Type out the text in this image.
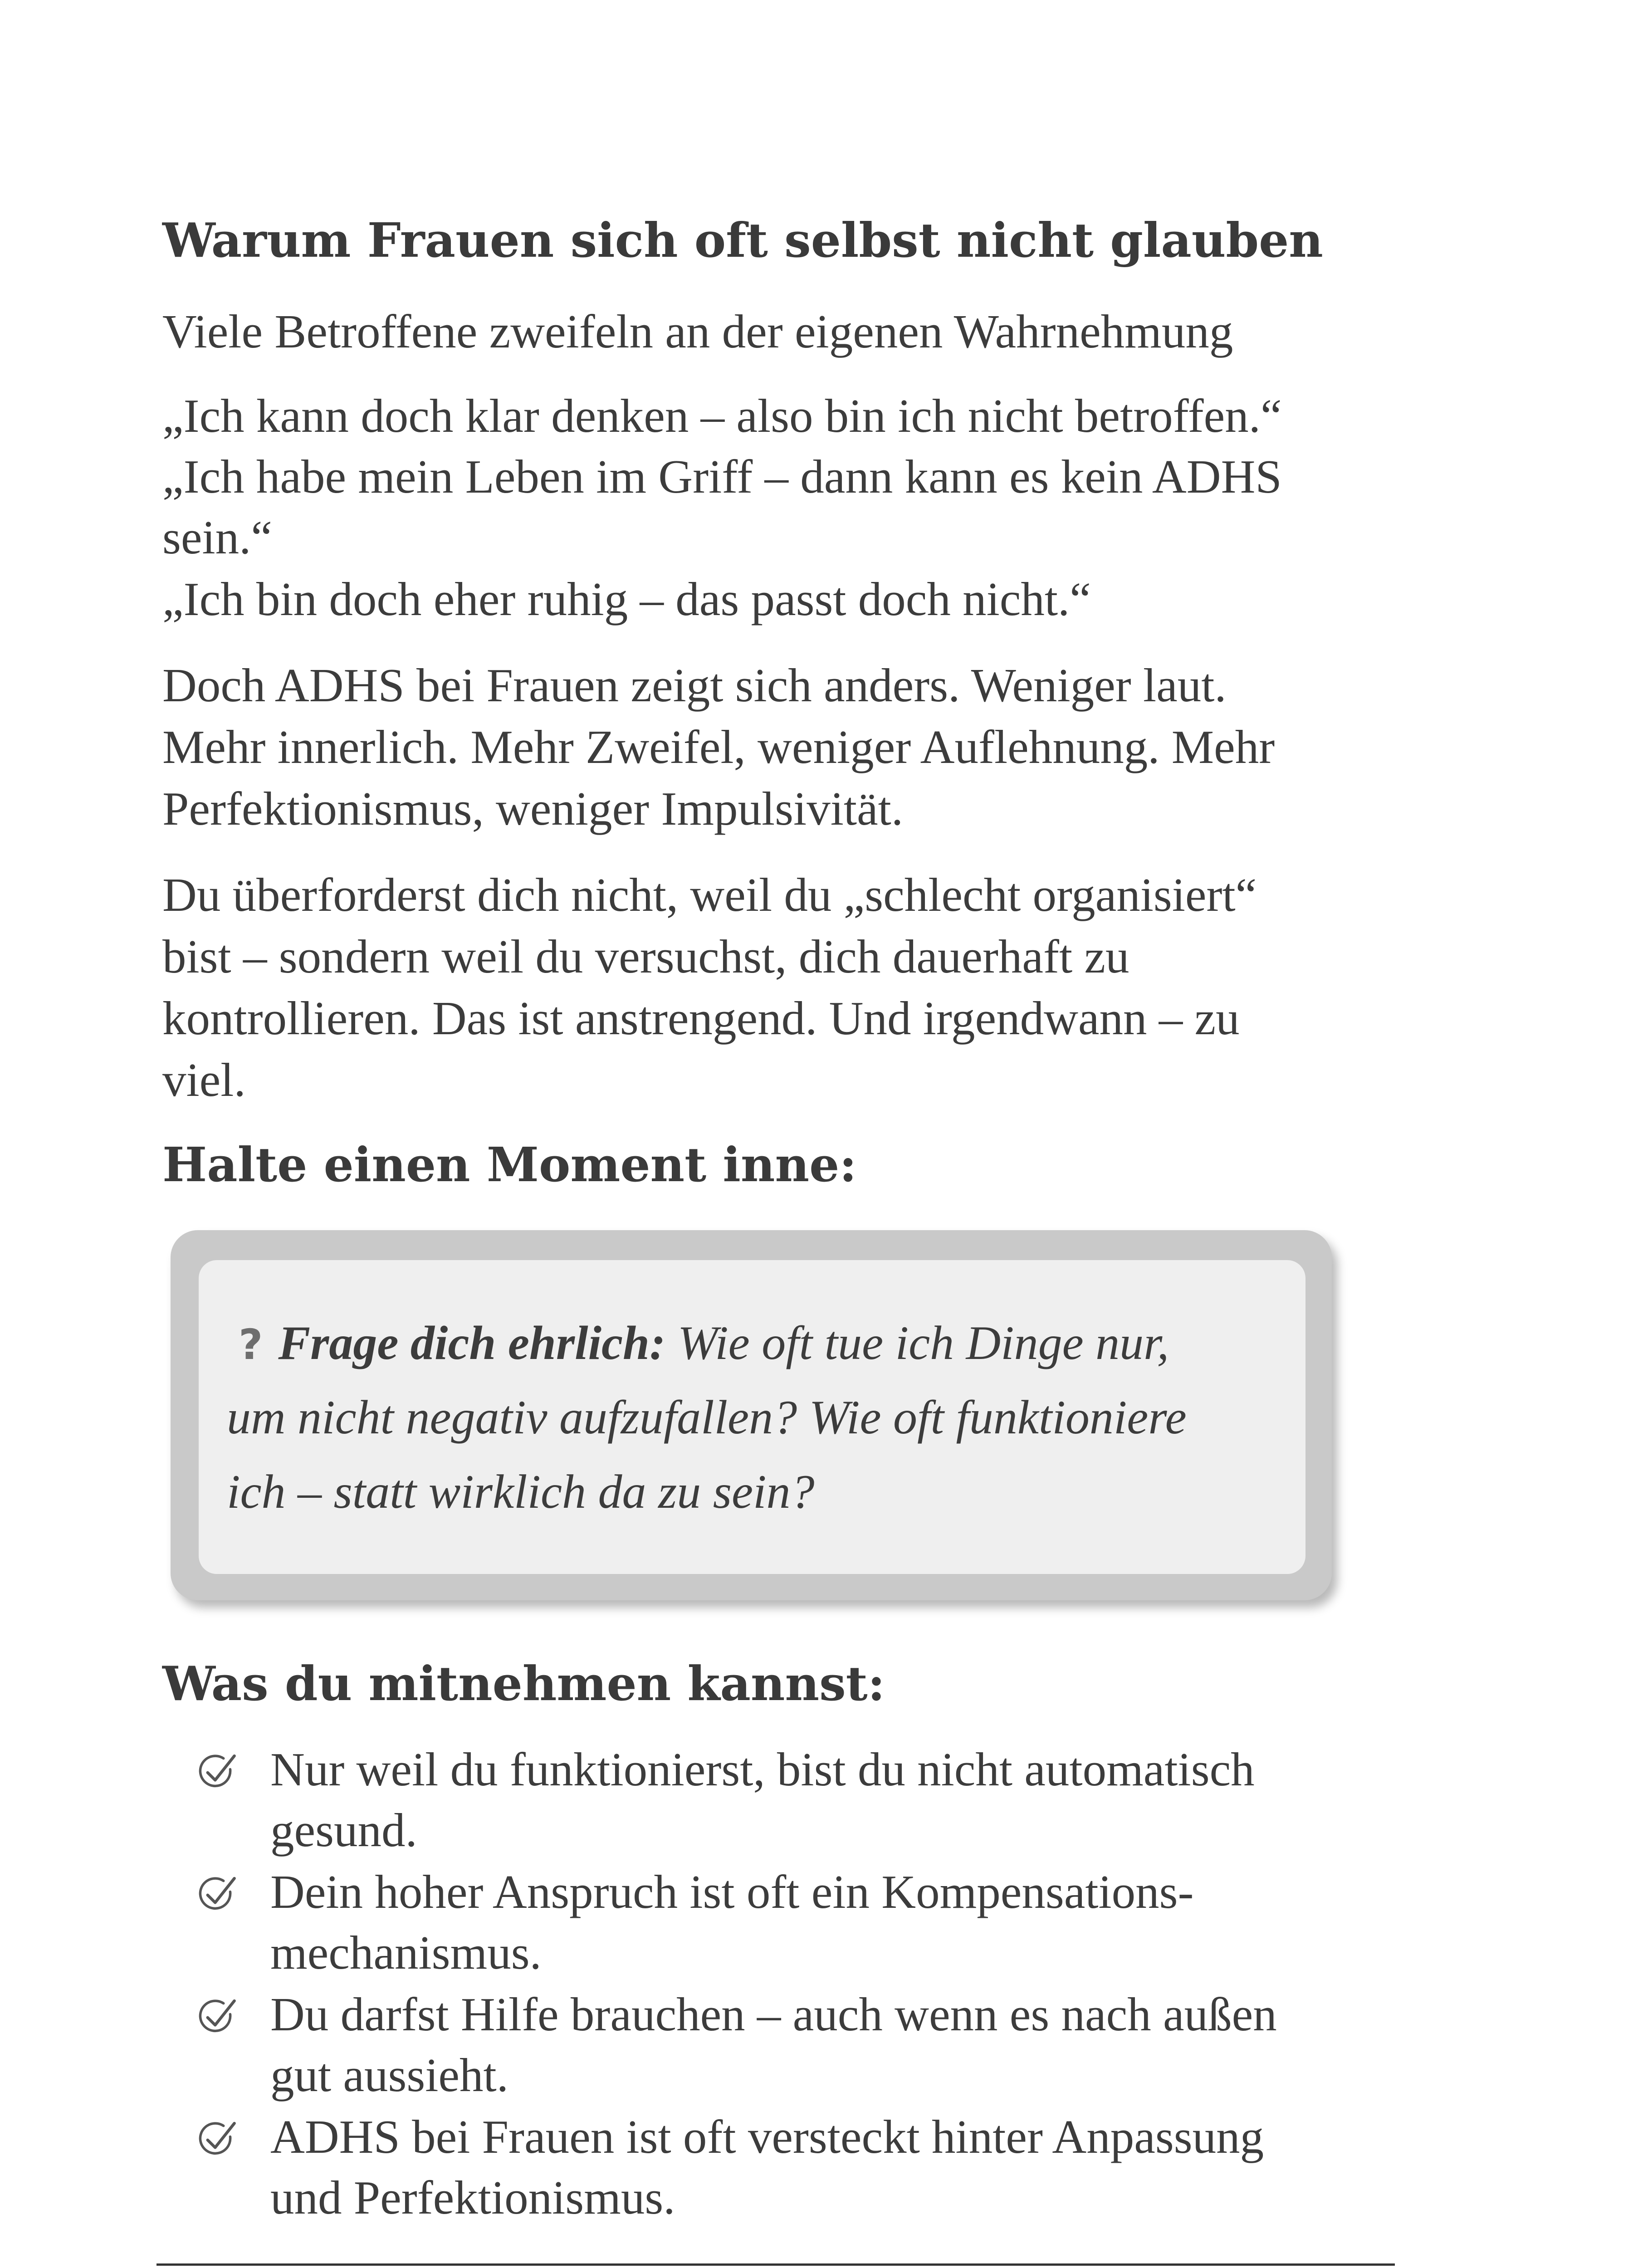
Warum Frauen sich oft selbst nicht glauben

Viele Betroffene zweifeln an der eigenen Wahrnehmung

„Ich kann doch klar denken – also bin ich nicht betroffen.“

„Ich habe mein Leben im Griff – dann kann es kein ADHS

sein.“

„Ich bin doch eher ruhig – das passt doch nicht.“

Doch ADHS bei Frauen zeigt sich anders. Weniger laut.

Mehr innerlich. Mehr Zweifel, weniger Auflehnung. Mehr

Perfektionismus, weniger Impulsivität.

Du überforderst dich nicht, weil du „schlecht organisiert“

bist – sondern weil du versuchst, dich dauerhaft zu

kontrollieren. Das ist anstrengend. Und irgendwann – zu

viel.

Halte einen Moment inne:

? Frage dich ehrlich: Wie oft tue ich Dinge nur,

um nicht negativ aufzufallen? Wie oft funktioniere

ich – statt wirklich da zu sein?

Was du mitnehmen kannst:

Nur weil du funktionierst, bist du nicht automatisch

gesund.

Dein hoher Anspruch ist oft ein Kompensations-

mechanismus.

Du darfst Hilfe brauchen – auch wenn es nach außen

gut aussieht.

ADHS bei Frauen ist oft versteckt hinter Anpassung

und Perfektionismus.
